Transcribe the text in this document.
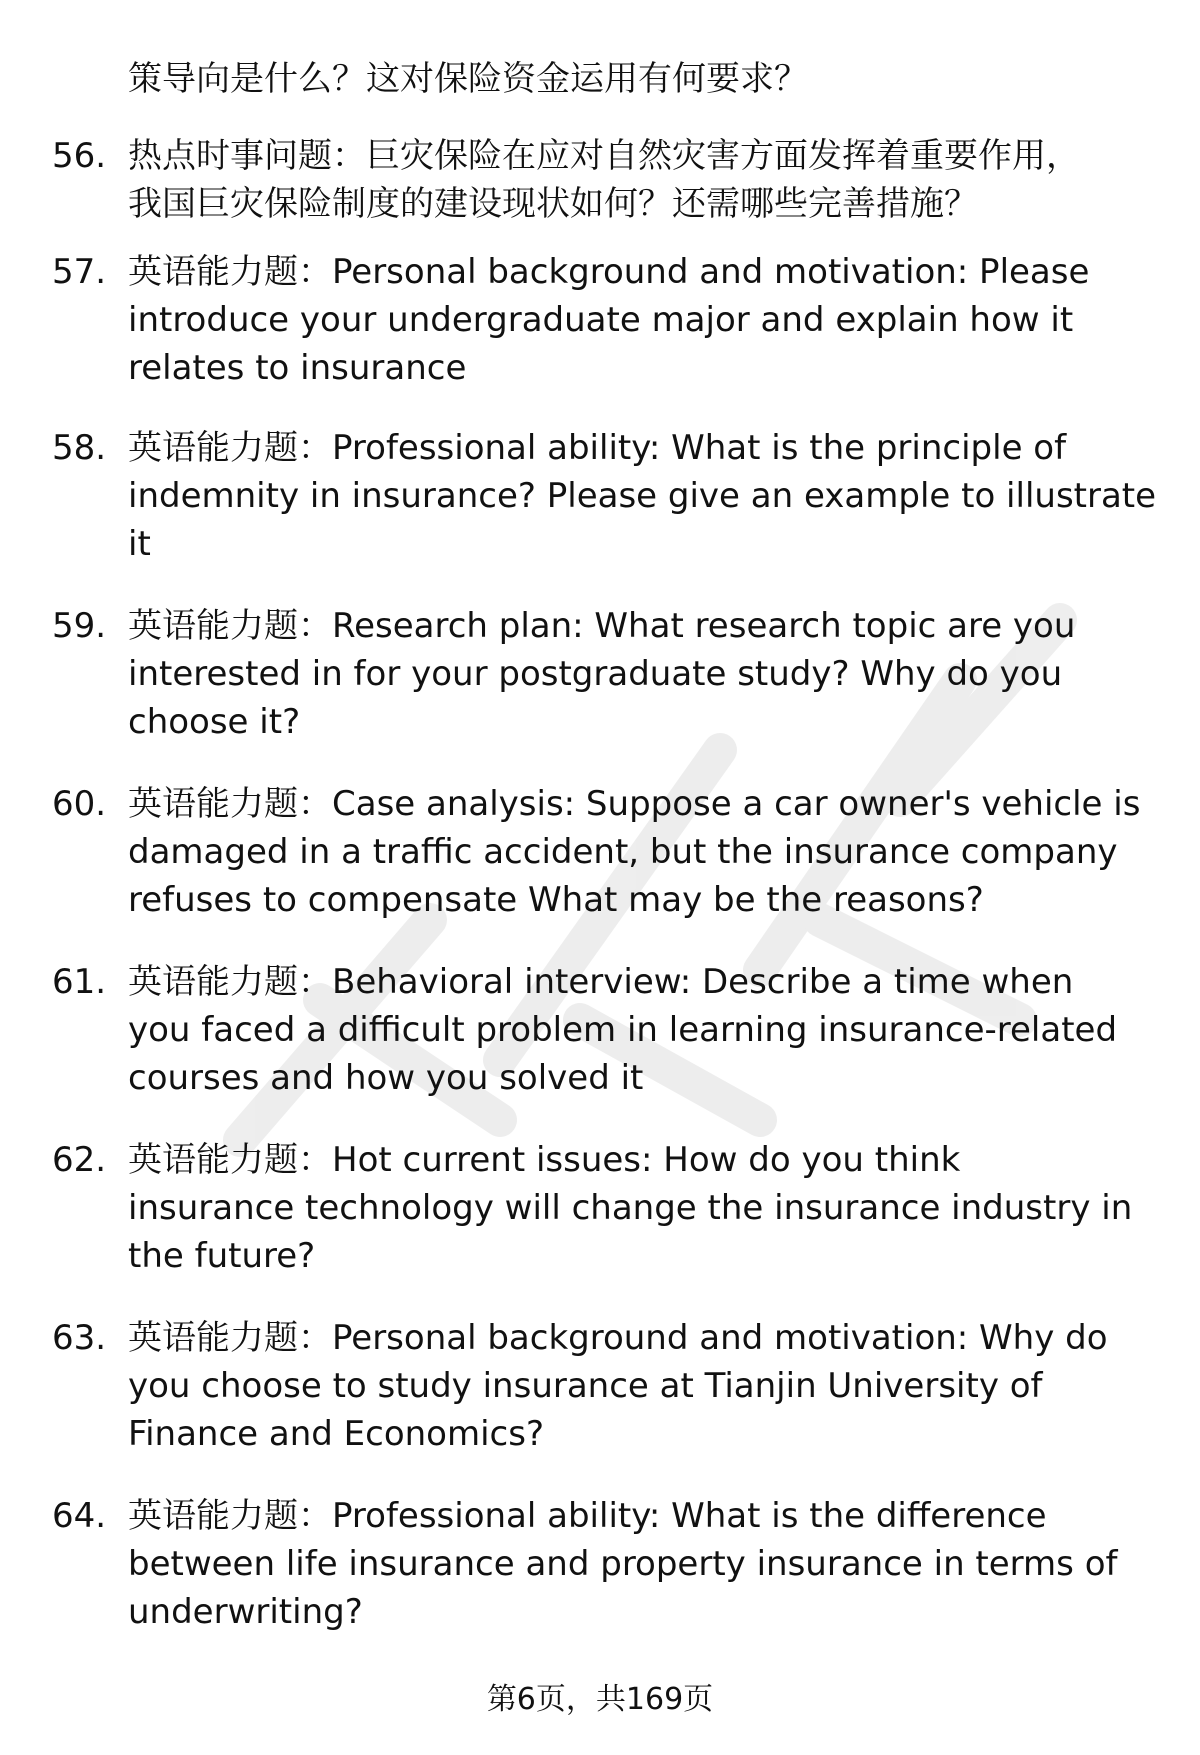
策导向是什么？这对保险资金运用有何要求？
56. 热点时事问题：巨灾保险在应对自然灾害方面发挥着重要作用，
我国巨灾保险制度的建设现状如何？还需哪些完善措施？
57. 英语能力题：Personal background and motivation: Please
introduce your undergraduate major and explain how it
relates to insurance
58. 英语能力题：Professional ability: What is the principle of
indemnity in insurance? Please give an example to illustrate
it
59. 英语能力题：Research plan: What research topic are you
interested in for your postgraduate study? Why do you
choose it?
60. 英语能力题：Case analysis: Suppose a car owner's vehicle is
damaged in a traffic accident, but the insurance company
refuses to compensate What may be the reasons?
61. 英语能力题：Behavioral interview: Describe a time when
you faced a difficult problem in learning insurance-related
courses and how you solved it
62. 英语能力题：Hot current issues: How do you think
insurance technology will change the insurance industry in
the future?
63. 英语能力题：Personal background and motivation: Why do
you choose to study insurance at Tianjin University of
Finance and Economics?
64. 英语能力题：Professional ability: What is the difference
between life insurance and property insurance in terms of
underwriting?
第6页，共169页
